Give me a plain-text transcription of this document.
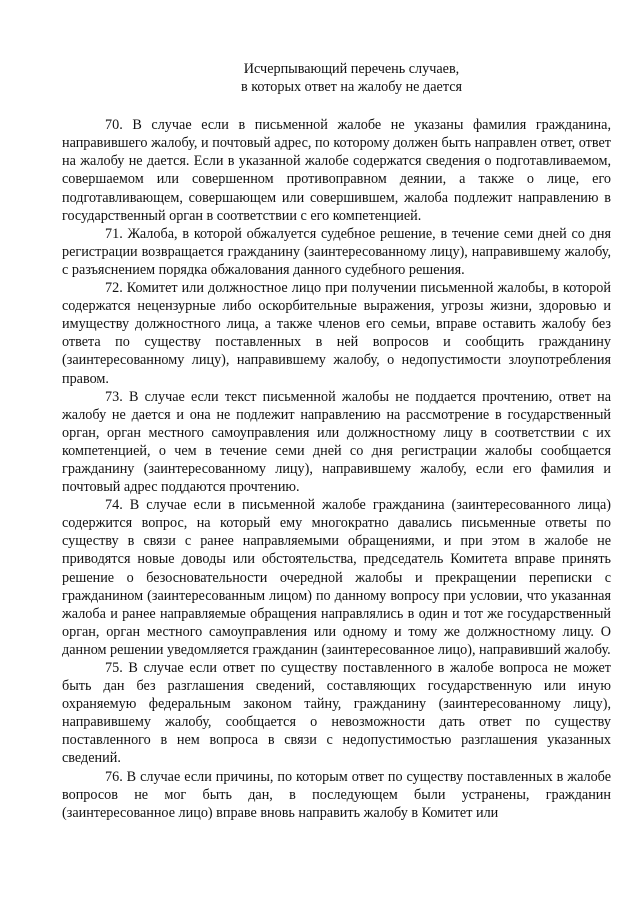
Исчерпывающий перечень случаев,
в которых ответ на жалобу не дается

70. В случае если в письменной жалобе не указаны фамилия гражданина, направившего жалобу, и почтовый адрес, по которому должен быть направлен ответ, ответ на жалобу не дается. Если в указанной жалобе содержатся сведения о подготавливаемом, совершаемом или совершенном противоправном деянии, а также о лице, его подготавливающем, совершающем или совершившем, жалоба подлежит направлению в государственный орган в соответствии с его компетенцией.

71. Жалоба, в которой обжалуется судебное решение, в течение семи дней со дня регистрации возвращается гражданину (заинтересованному лицу), направившему жалобу, с разъяснением порядка обжалования данного судебного решения.

72. Комитет или должностное лицо при получении письменной жалобы, в которой содержатся нецензурные либо оскорбительные выражения, угрозы жизни, здоровью и имуществу должностного лица, а также членов его семьи, вправе оставить жалобу без ответа по существу поставленных в ней вопросов и сообщить гражданину (заинтересованному лицу), направившему жалобу, о недопустимости злоупотребления правом.

73. В случае если текст письменной жалобы не поддается прочтению, ответ на жалобу не дается и она не подлежит направлению на рассмотрение в государственный орган, орган местного самоуправления или должностному лицу в соответствии с их компетенцией, о чем в течение семи дней со дня регистрации жалобы сообщается гражданину (заинтересованному лицу), направившему жалобу, если его фамилия и почтовый адрес поддаются прочтению.

74. В случае если в письменной жалобе гражданина (заинтересованного лица) содержится вопрос, на который ему многократно давались письменные ответы по существу в связи с ранее направляемыми обращениями, и при этом в жалобе не приводятся новые доводы или обстоятельства, председатель Комитета вправе принять решение о безосновательности очередной жалобы и прекращении переписки с гражданином (заинтересованным лицом) по данному вопросу при условии, что указанная жалоба и ранее направляемые обращения направлялись в один и тот же государственный орган, орган местного самоуправления или одному и тому же должностному лицу. О данном решении уведомляется гражданин (заинтересованное лицо), направивший жалобу.

75. В случае если ответ по существу поставленного в жалобе вопроса не может быть дан без разглашения сведений, составляющих государственную или иную охраняемую федеральным законом тайну, гражданину (заинтересованному лицу), направившему жалобу, сообщается о невозможности дать ответ по существу поставленного в нем вопроса в связи с недопустимостью разглашения указанных сведений.

76. В случае если причины, по которым ответ по существу поставленных в жалобе вопросов не мог быть дан, в последующем были устранены, гражданин (заинтересованное лицо) вправе вновь направить жалобу в Комитет или
